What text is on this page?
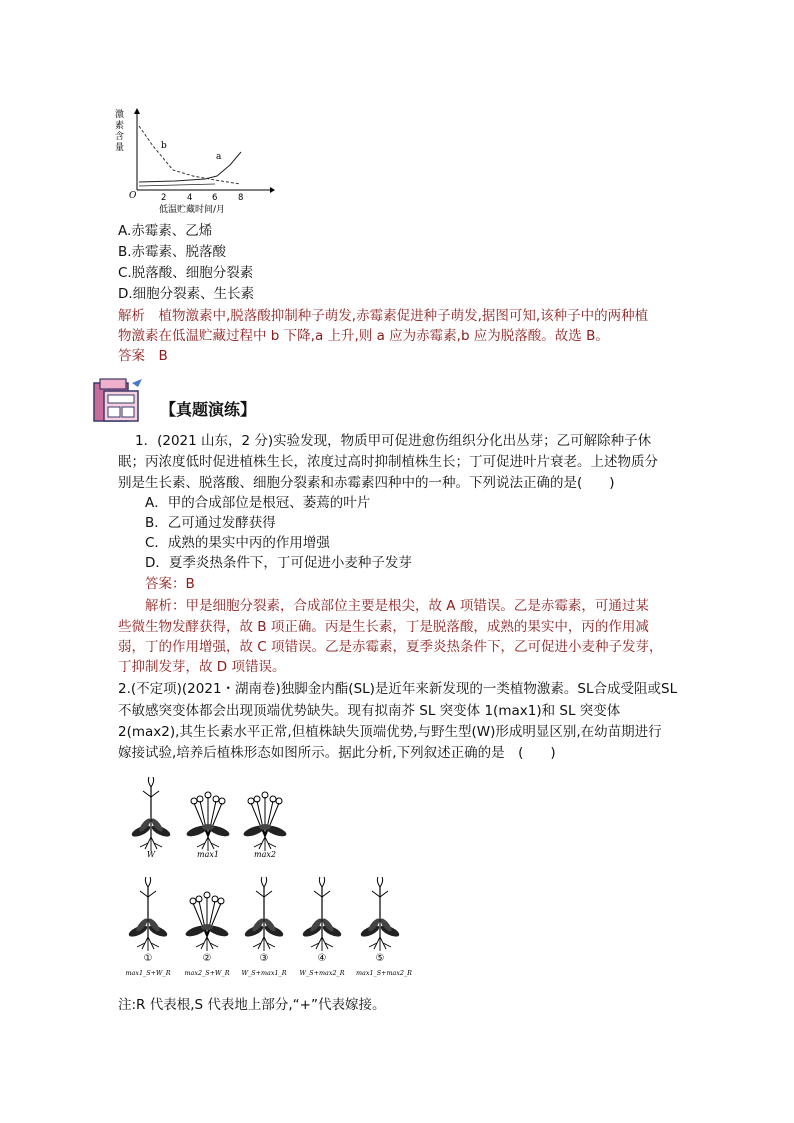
激
素
含
量
O	2 4 6 8
b
a
低温贮藏时间/月
A.赤霉素、乙烯
B.赤霉素、脱落酸
C.脱落酸、细胞分裂素
D.细胞分裂素、生长素
解析　植物激素中,脱落酸抑制种子萌发,赤霉素促进种子萌发,据图可知,该种子中的两种植
物激素在低温贮藏过程中 b 下降,a 上升,则 a 应为赤霉素,b 应为脱落酸。故选 B。
答案　B
【真题演练】
1．(2021 山东，2 分)实验发现，物质甲可促进愈伤组织分化出丛芽；乙可解除种子休
眠；丙浓度低时促进植株生长，浓度过高时抑制植株生长；丁可促进叶片衰老。上述物质分
别是生长素、脱落酸、细胞分裂素和赤霉素四种中的一种。下列说法正确的是(　　)
A．甲的合成部位是根冠、萎蔫的叶片
B．乙可通过发酵获得
C．成熟的果实中丙的作用增强
D．夏季炎热条件下，丁可促进小麦种子发芽
答案：B
解析：甲是细胞分裂素，合成部位主要是根尖，故 A 项错误。乙是赤霉素，可通过某
些微生物发酵获得，故 B 项正确。丙是生长素，丁是脱落酸，成熟的果实中，丙的作用减
弱，丁的作用增强，故 C 项错误。乙是赤霉素，夏季炎热条件下，乙可促进小麦种子发芽，
丁抑制发芽，故 D 项错误。
2.(不定项)(2021・湖南卷)独脚金内酯(SL)是近年来新发现的一类植物激素。SL合成受阻或SL
不敏感突变体都会出现顶端优势缺失。现有拟南芥 SL 突变体 1(max1)和 SL 突变体
2(max2),其生长素水平正常,但植株缺失顶端优势,与野生型(W)形成明显区别,在幼苗期进行
嫁接试验,培养后植株形态如图所示。据此分析,下列叙述正确的是　(　　)
W	max1	max2
①	②	③	④	⑤
max1_S+W_R max2_S+W_R W_S+max1_R W_S+max2_R max1_S+max2_R
注:R 代表根,S 代表地上部分,“+”代表嫁接。
